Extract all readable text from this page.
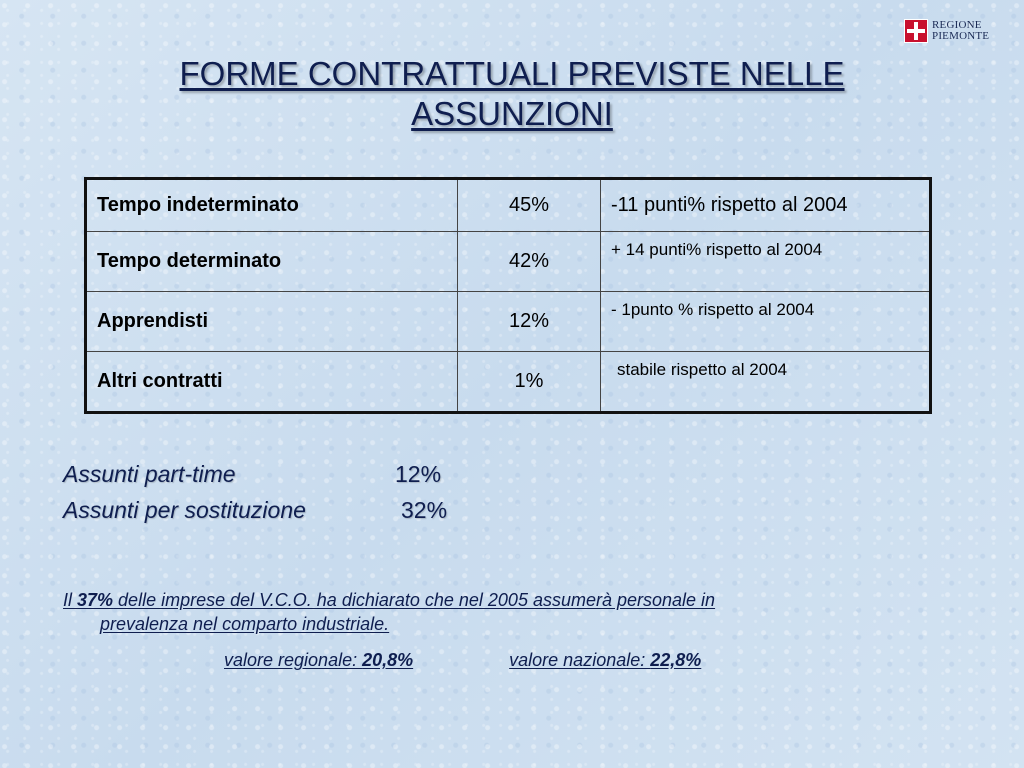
REGIONE
PIEMONTE
FORME CONTRATTUALI PREVISTE NELLE
ASSUNZIONI
Tempo indeterminato	45%	-11 punti% rispetto al 2004
Tempo determinato	42%	+ 14 punti% rispetto al 2004
Apprendisti	12%	- 1punto % rispetto al 2004
Altri contratti	1%	stabile rispetto al 2004
Assunti part-time	12%
Assunti per sostituzione	32%
Il 37% delle imprese del V.C.O. ha dichiarato che nel 2005 assumerà personale in
prevalenza nel comparto industriale.
valore regionale: 20,8%	valore nazionale: 22,8%
